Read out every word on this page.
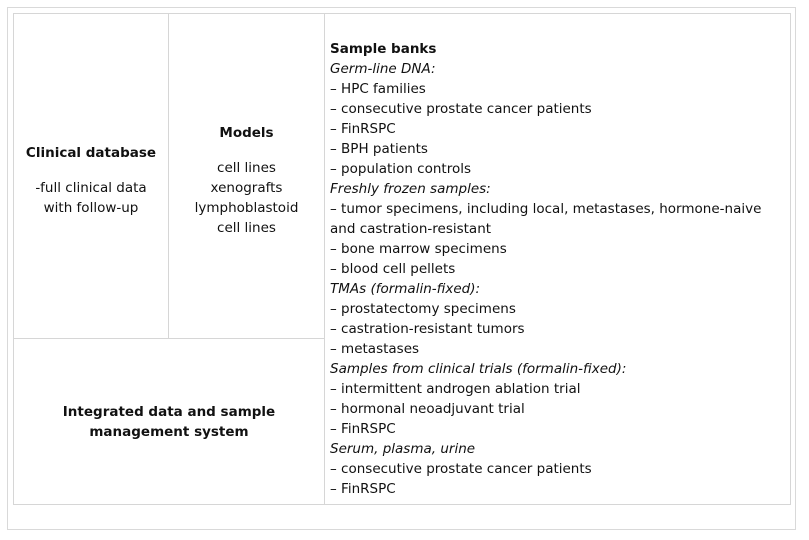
Clinical database
-full clinical data
with follow-up
Models
cell lines
xenografts
lymphoblastoid
cell lines
Integrated data and sample
management system
Sample banks
Germ-line DNA:
– HPC families
– consecutive prostate cancer patients
– FinRSPC
– BPH patients
– population controls
Freshly frozen samples:
– tumor specimens, including local, metastases, hormone-naive and castration-resistant
– bone marrow specimens
– blood cell pellets
TMAs (formalin-fixed):
– prostatectomy specimens
– castration-resistant tumors
– metastases
Samples from clinical trials (formalin-fixed):
– intermittent androgen ablation trial
– hormonal neoadjuvant trial
– FinRSPC
Serum, plasma, urine
– consecutive prostate cancer patients
– FinRSPC
